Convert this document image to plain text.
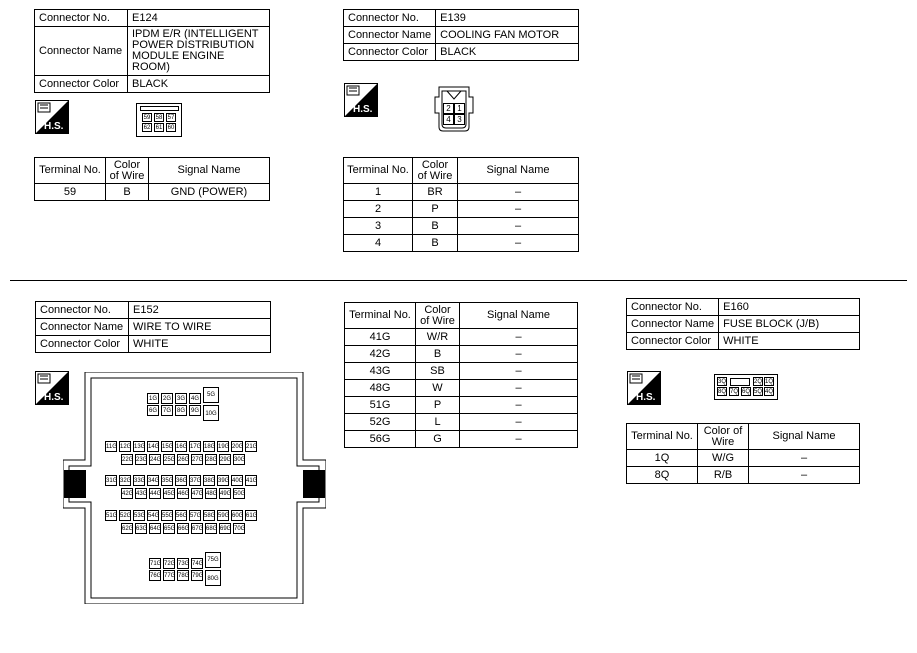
Connector No.	E124
Connector Name	IPDM E/R (INTELLIGENT POWER DISTRIBUTION MODULE ENGINE ROOM)
Connector Color	BLACK
H.S.
59 58 57
62 61 60
Terminal No.	Color of Wire	Signal Name
59	B	GND (POWER)
Connector No.	E139
Connector Name	COOLING FAN MOTOR
Connector Color	BLACK
H.S.	2 1
4 3
Terminal No.	Color of Wire	Signal Name
1	BR	–
2	P	–
3	B	–
4	B	–
Connector No.	E152
Connector Name	WIRE TO WIRE
Connector Color	WHITE
H.S.	1G 2G 3G 4G
5G
6G 7G 8G 9G	10G
11G 12G 13G 14G 15G 16G 17G 18G 19G 20G 21G
22G 23G 24G 25G 26G 27G 28G 29G 30G
31G 32G 33G 34G 35G 36G 37G 38G 39G 40G 41G
42G 43G 44G 45G 46G 47G 48G 49G 50G
51G 52G 53G 54G 55G 56G 57G 58G 59G 60G 61G
62G 63G 64G 65G 66G 67G 68G 69G 70G
71G 72G 73G 74G
75G
76G 77G 78G 79G 80G
Terminal No.	Color of Wire	Signal Name
41G	W/R	–
42G	B	–
43G	SB	–
48G	W	–
51G	P	–
52G	L	–
56G	G	–
Connector No.	E160
Connector Name	FUSE BLOCK (J/B)
Connector Color	WHITE
H.S.
3Q	2Q 1Q
8Q 7Q 6Q 5Q 4Q
Terminal No.	Color of Wire	Signal Name
1Q	W/G	–
8Q	R/B	–
